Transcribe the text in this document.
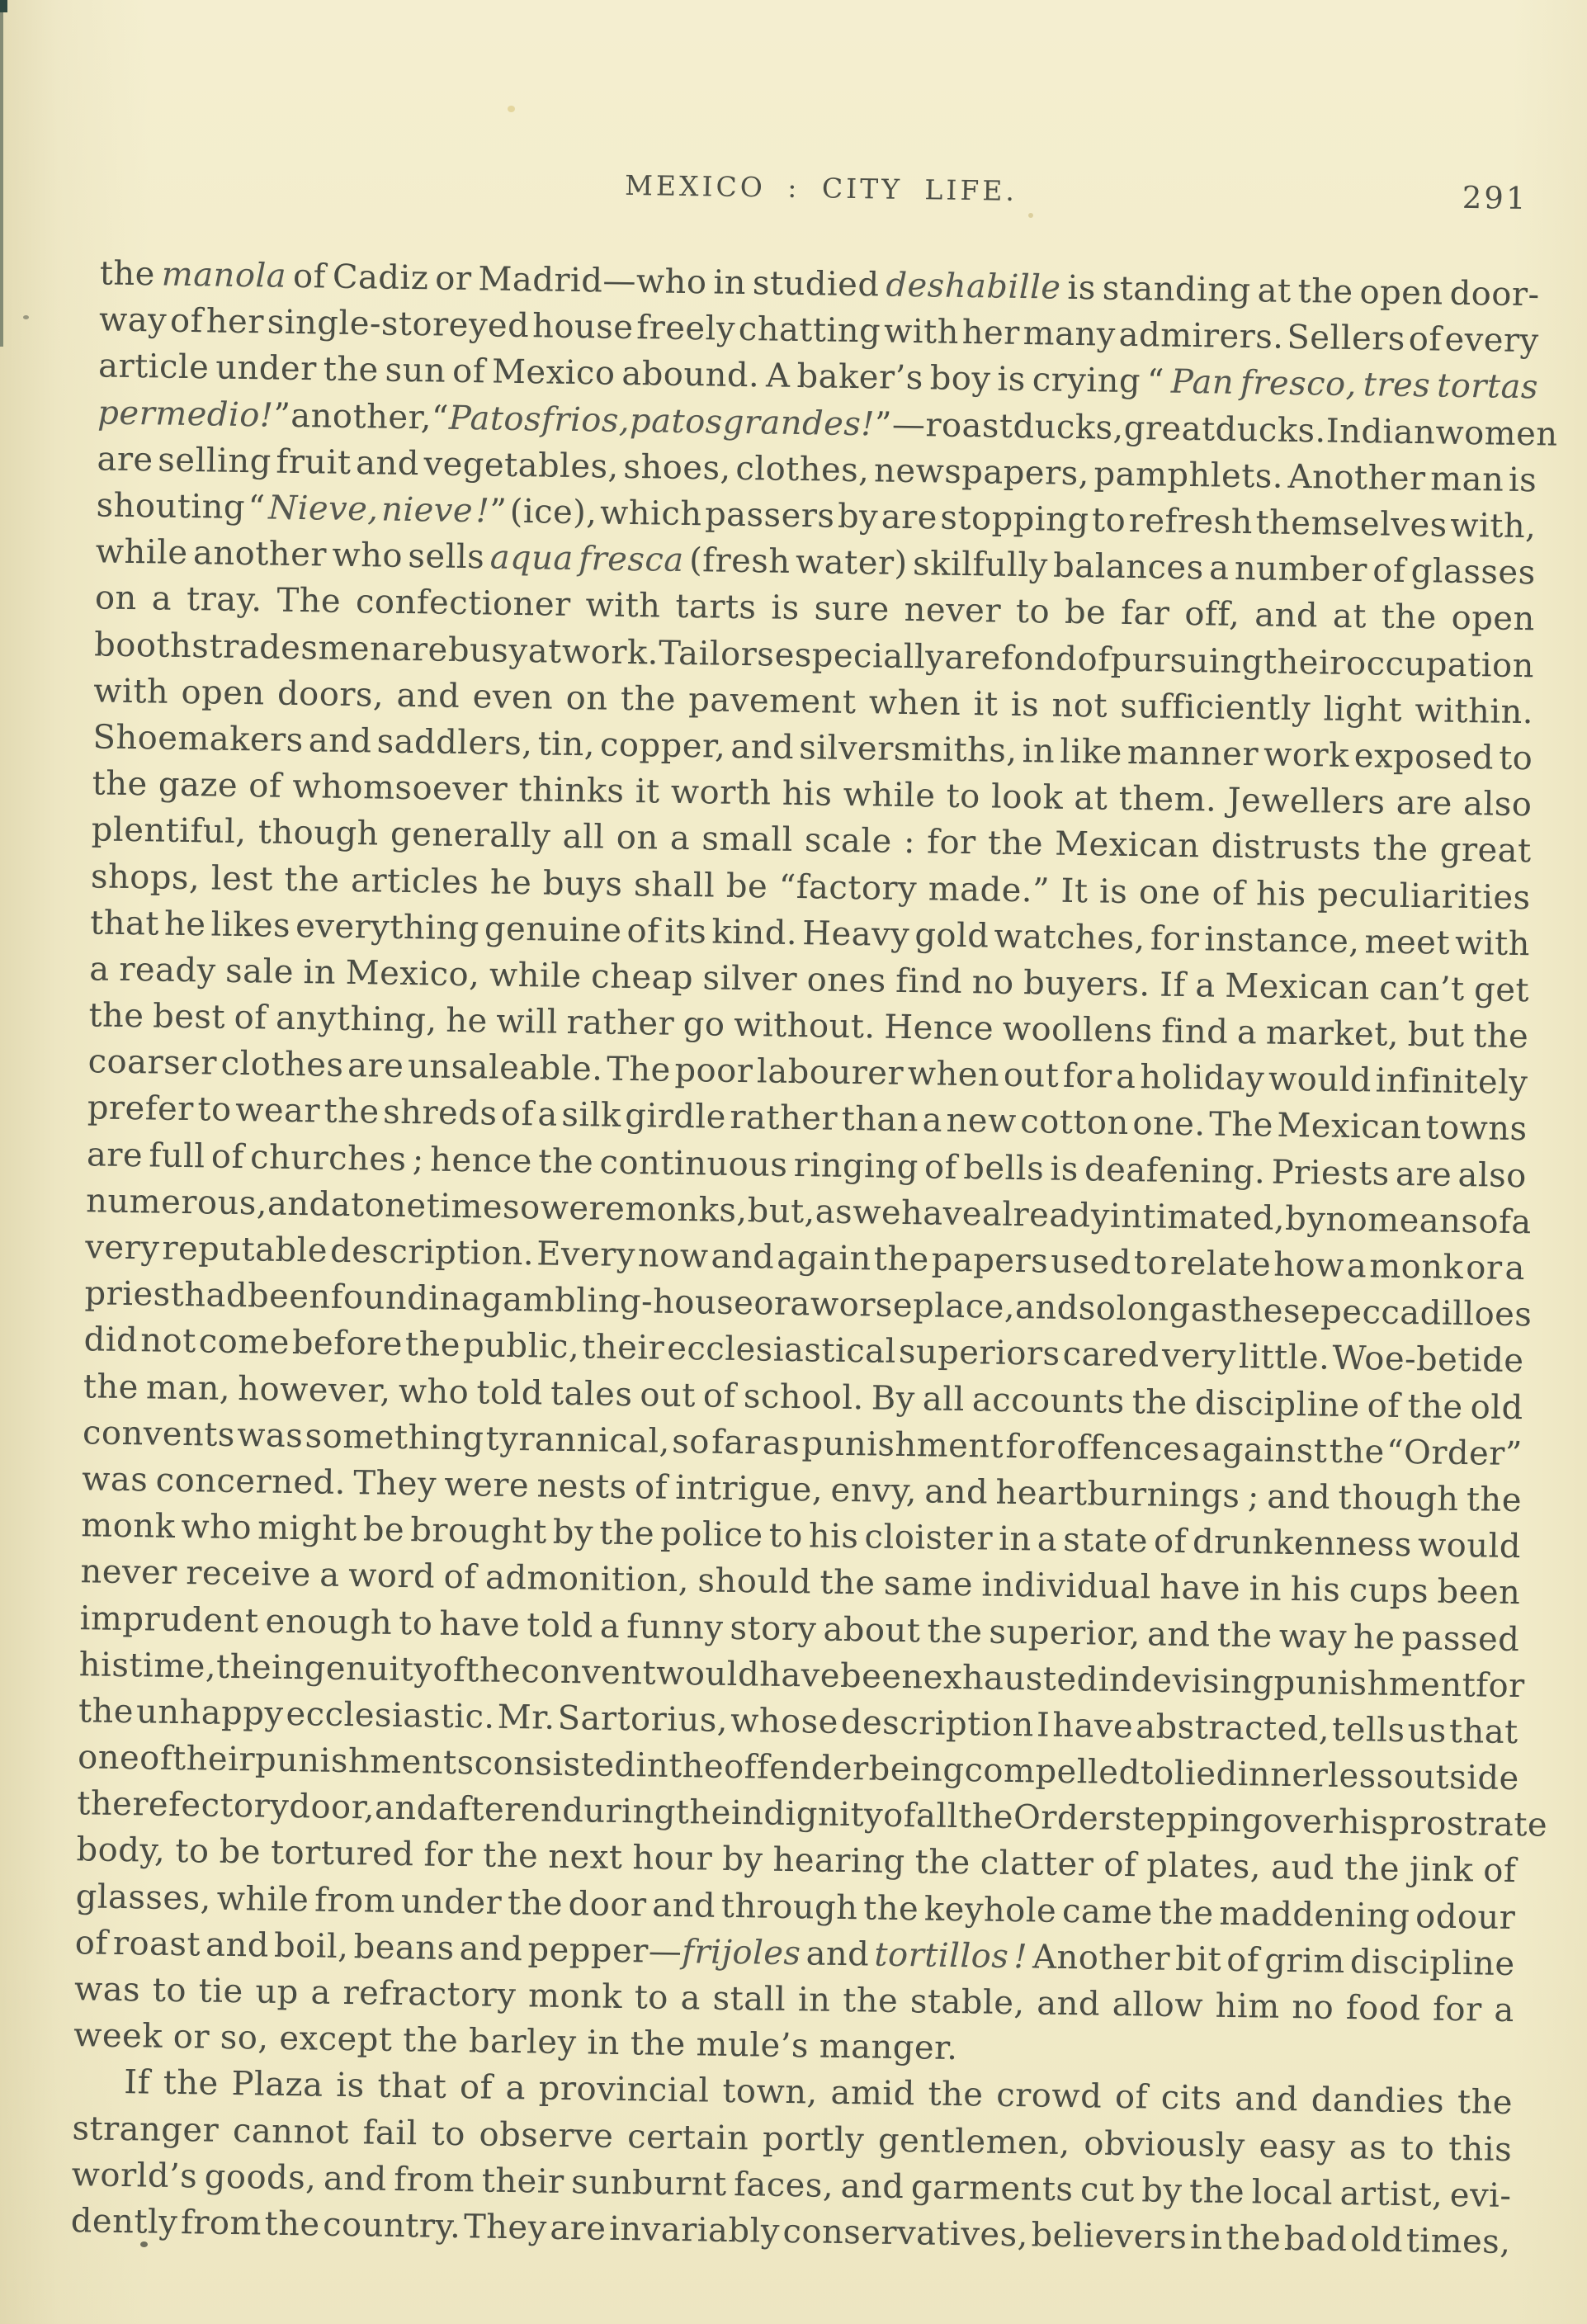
MEXICO : CITY LIFE.	291
the manola of Cadiz or Madrid—who in studied deshabille is standing at the open door-
way of her single-storeyed house freely chatting with her many admirers. Sellers of every
article under the sun of Mexico abound. A baker’s boy is crying “ Pan fresco, tres tortas
per medio !” another, “ Patos frios, patos grandes !”—roast ducks, great ducks. Indian women
are selling fruit and vegetables, shoes, clothes, newspapers, pamphlets. Another man is
shouting “ Nieve, nieve !” (ice), which passers by are stopping to refresh themselves with,
while another who sells aqua fresca (fresh water) skilfully balances a number of glasses
on a tray. The confectioner with tarts is sure never to be far off, and at the open
booths tradesmen are busy at work. Tailors especially are fond of pursuing their occupation
with open doors, and even on the pavement when it is not sufficiently light within.
Shoemakers and saddlers, tin, copper, and silversmiths, in like manner work exposed to
the gaze of whomsoever thinks it worth his while to look at them. Jewellers are also
plentiful, though generally all on a small scale : for the Mexican distrusts the great
shops, lest the articles he buys shall be “factory made.” It is one of his peculiarities
that he likes everything genuine of its kind. Heavy gold watches, for instance, meet with
a ready sale in Mexico, while cheap silver ones find no buyers. If a Mexican can’t get
the best of anything, he will rather go without. Hence woollens find a market, but the
coarser clothes are unsaleable. The poor labourer when out for a holiday would infinitely
prefer to wear the shreds of a silk girdle rather than a new cotton one. The Mexican towns
are full of churches ; hence the continuous ringing of bells is deafening. Priests are also
numerous, and at one time so were monks, but, as we have already intimated, by no means of a
very reputable description. Every now and again the papers used to relate how a monk or a
priest had been found in a gambling-house or a worse place, and so long as these peccadilloes
did not come before the public, their ecclesiastical superiors cared very little. Woe-betide
the man, however, who told tales out of school. By all accounts the discipline of the old
convents was something tyrannical, so far as punishment for offences against the “Order”
was concerned. They were nests of intrigue, envy, and heartburnings ; and though the
monk who might be brought by the police to his cloister in a state of drunkenness would
never receive a word of admonition, should the same individual have in his cups been
imprudent enough to have told a funny story about the superior, and the way he passed
his time, the ingenuity of the convent would have been exhausted in devising punishment for
the unhappy ecclesiastic. Mr. Sartorius, whose description I have abstracted, tells us that
one of their punishments consisted in the offender being compelled to lie dinnerless outside
the refectory door, and after enduring the indignity of all the Order stepping over his prostrate
body, to be tortured for the next hour by hearing the clatter of plates, aud the jink of
glasses, while from under the door and through the keyhole came the maddening odour
of roast and boil, beans and pepper—frijoles and tortillos ! Another bit of grim discipline
was to tie up a refractory monk to a stall in the stable, and allow him no food for a
week or so, except the barley in the mule’s manger.
If the Plaza is that of a provincial town, amid the crowd of cits and dandies the
stranger cannot fail to observe certain portly gentlemen, obviously easy as to this
world’s goods, and from their sunburnt faces, and garments cut by the local artist, evi-
dently from the country. They are invariably conservatives, believers in the bad old times,
